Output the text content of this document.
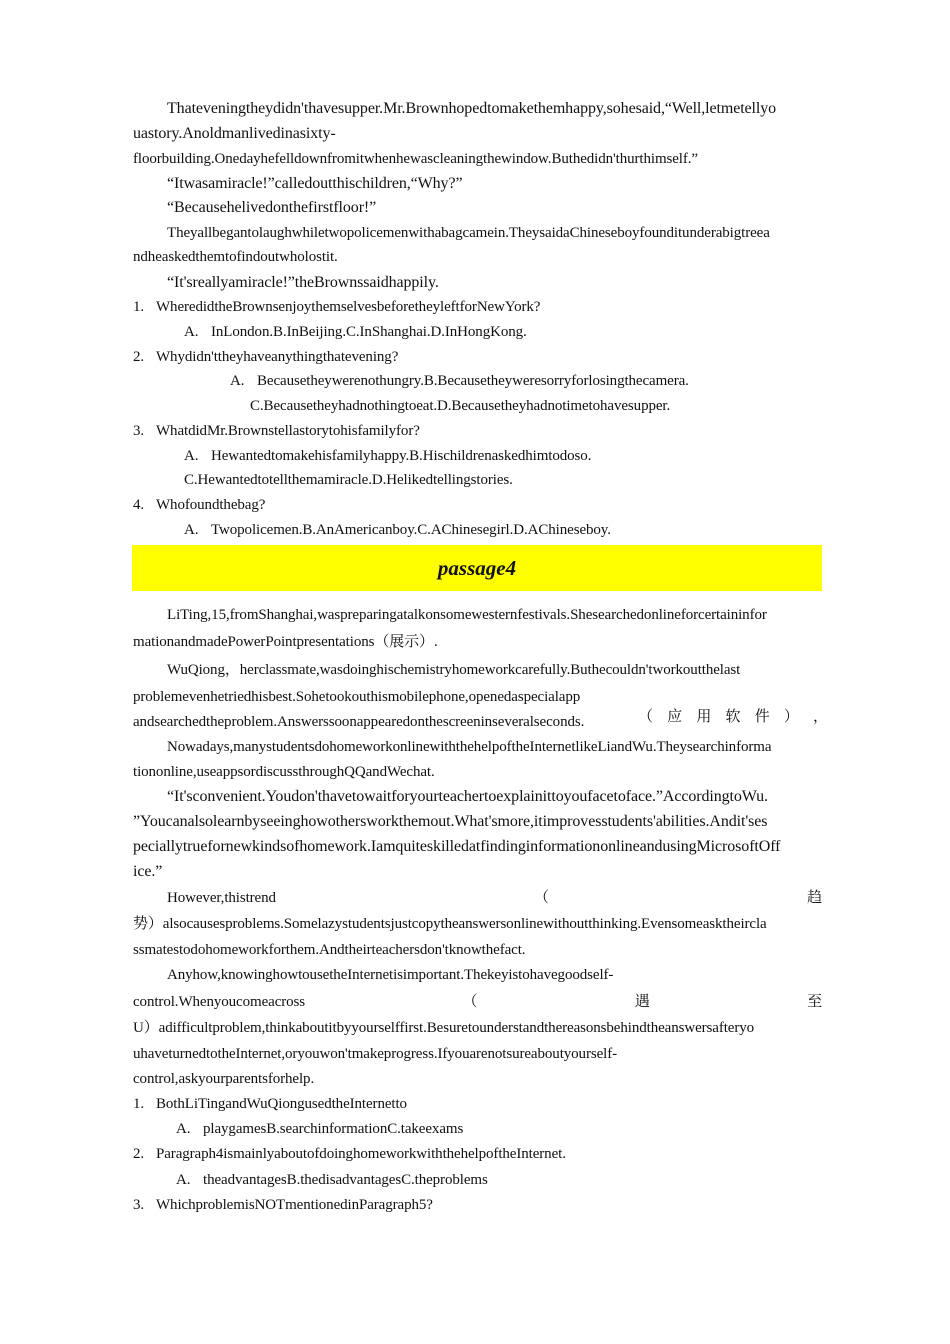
Thateveningtheydidn'thavesupper.Mr.Brownhopedtomakethemhappy,sohesaid,“Well,letmetellyo
uastory.Anoldmanlivedinasixty-
floorbuilding.Onedayhefelldownfromitwhenhewascleaningthewindow.Buthedidn'thurthimself.”
“Itwasamiracle!”calledoutthischildren,“Why?”
“Becausehelivedonthefirstfloor!”
Theyallbegantolaughwhiletwopolicemenwithabagcamein.TheysaidaChineseboyfounditunderabigtreea
ndheaskedthemtofindoutwholostit.
“It'sreallyamiracle!”theBrownssaidhappily.
1. WheredidtheBrownsenjoythemselvesbeforetheyleftforNewYork?
A. InLondon.B.InBeijing.C.InShanghai.D.InHongKong.
2. Whydidn'ttheyhaveanythingthatevening?
A. Becausetheywerenothungry.B.Becausetheyweresorryforlosingthecamera.
C.Becausetheyhadnothingtoeat.D.Becausetheyhadnotimetohavesupper.
3. WhatdidMr.Brownstellastorytohisfamilyfor?
A. Hewantedtomakehisfamilyhappy.B.Hischildrenaskedhimtodoso.
C.Hewantedtotellthemamiracle.D.Helikedtellingstories.
4. Whofoundthebag?
A. Twopolicemen.B.AnAmericanboy.C.AChinesegirl.D.AChineseboy.
passage4
LiTing,15,fromShanghai,waspreparingatalkonsomewesternfestivals.Shesearchedonlineforcertaininfor
mationandmadePowerPointpresentations（展示）.
WuQiong，herclassmate,wasdoinghischemistryhomeworkcarefully.Buthecouldn'tworkoutthelast
problemevenhetriedhisbest.Sohetookouthismobilephone,openedaspecialapp
（ 应 用 软 件 ） ，
andsearchedtheproblem.Answerssoonappearedonthescreeninseveralseconds.
Nowadays,manystudentsdohomeworkonlinewiththehelpoftheInternetlikeLiandWu.Theysearchinforma
tiononline,useappsordiscussthroughQQandWechat.
“It'sconvenient.Youdon'thavetowaitforyourteachertoexplainittoyoufacetoface.”AccordingtoWu.
”Youcanalsolearnbyseeinghowothersworkthemout.What'smore,itimprovesstudents'abilities.Andit'ses
peciallytruefornewkindsofhomework.IamquiteskilledatfindinginformationonlineandusingMicrosoftOff
ice.”
However,thistrend	（	趋
势）alsocausesproblems.Somelazystudentsjustcopytheanswersonlinewithoutthinking.Evensomeasktheircla
ssmatestodohomeworkforthem.Andtheirteachersdon'tknowthefact.
Anyhow,knowinghowtousetheInternetisimportant.Thekeyistohavegoodself-
control.Whenyoucomeacross	（	遇	至
U）adifficultproblem,thinkaboutitbyyourselffirst.Besuretounderstandthereasonsbehindtheanswersafteryo
uhaveturnedtotheInternet,oryouwon'tmakeprogress.Ifyouarenotsureaboutyourself-
control,askyourparentsforhelp.
1. BothLiTingandWuQiongusedtheInternetto
A. playgamesB.searchinformationC.takeexams
2. Paragraph4ismainlyaboutofdoinghomeworkwiththehelpoftheInternet.
A. theadvantagesB.thedisadvantagesC.theproblems
3. WhichproblemisNOTmentionedinParagraph5?
